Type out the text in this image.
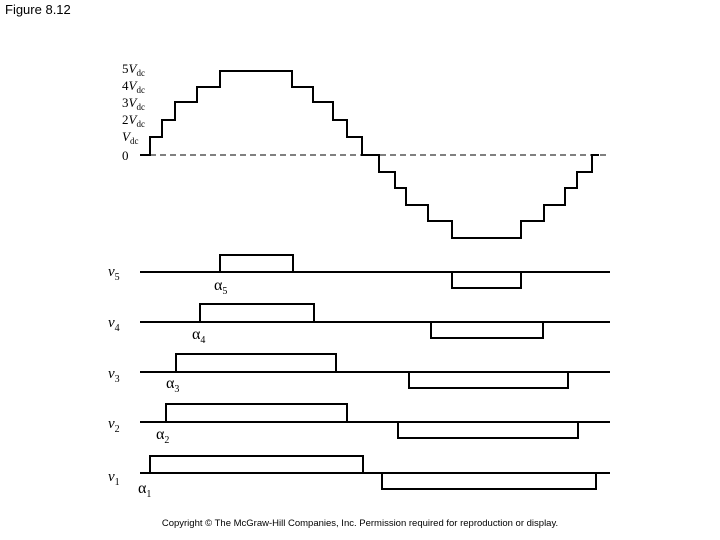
Figure 8.12
$5V_{dc}$
$4V_{dc}$
$3V_{dc}$
$2V_{dc}$
$V_{dc}$
0
$v_5$	$\alpha_5$
$v_4$	$\alpha_4$
$v_3$	$\alpha_3$
$v_2$ $\alpha_2$
$v_1$ $\alpha_1$
Copyright © The McGraw-Hill Companies, Inc. Permission required for reproduction or display.
